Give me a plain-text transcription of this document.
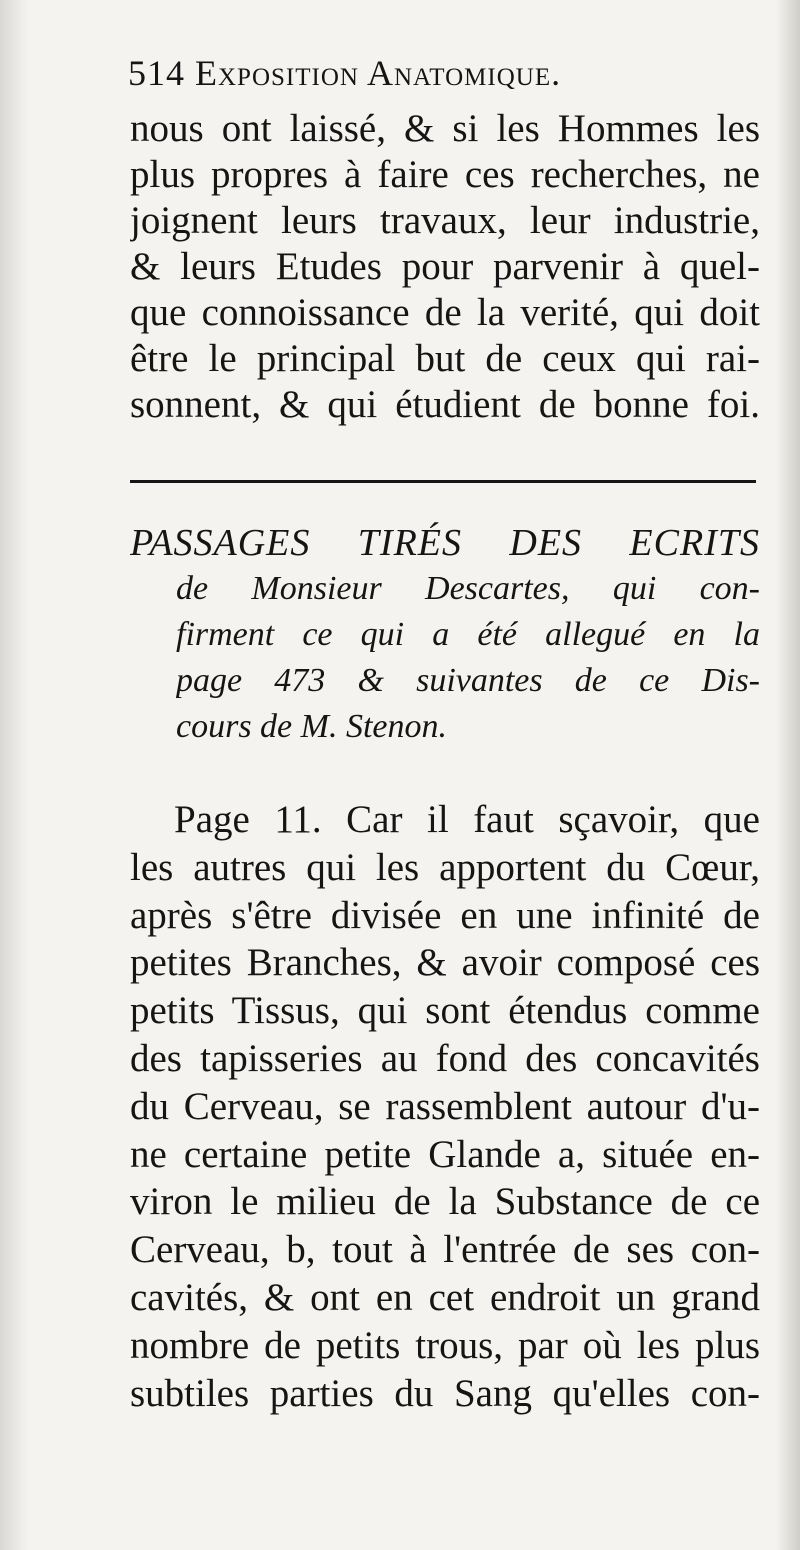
514 Exposition Anatomique.
nous ont laissé, & si les Hommes les
plus propres à faire ces recherches, ne
joignent leurs travaux, leur industrie,
& leurs Etudes pour parvenir à quel-
que connoissance de la verité, qui doit
être le principal but de ceux qui rai-
sonnent, & qui étudient de bonne foi.
PASSAGES TIRÉS DES ECRITS
de Monsieur Descartes, qui con-
firment ce qui a été allegué en la
page 473 & suivantes de ce Dis-
cours de M. Stenon.
Page 11. Car il faut sçavoir, que
les autres qui les apportent du Cœur,
après s'être divisée en une infinité de
petites Branches, & avoir composé ces
petits Tissus, qui sont étendus comme
des tapisseries au fond des concavités
du Cerveau, se rassemblent autour d'u-
ne certaine petite Glande a, située en-
viron le milieu de la Substance de ce
Cerveau, b, tout à l'entrée de ses con-
cavités, & ont en cet endroit un grand
nombre de petits trous, par où les plus
subtiles parties du Sang qu'elles con-
